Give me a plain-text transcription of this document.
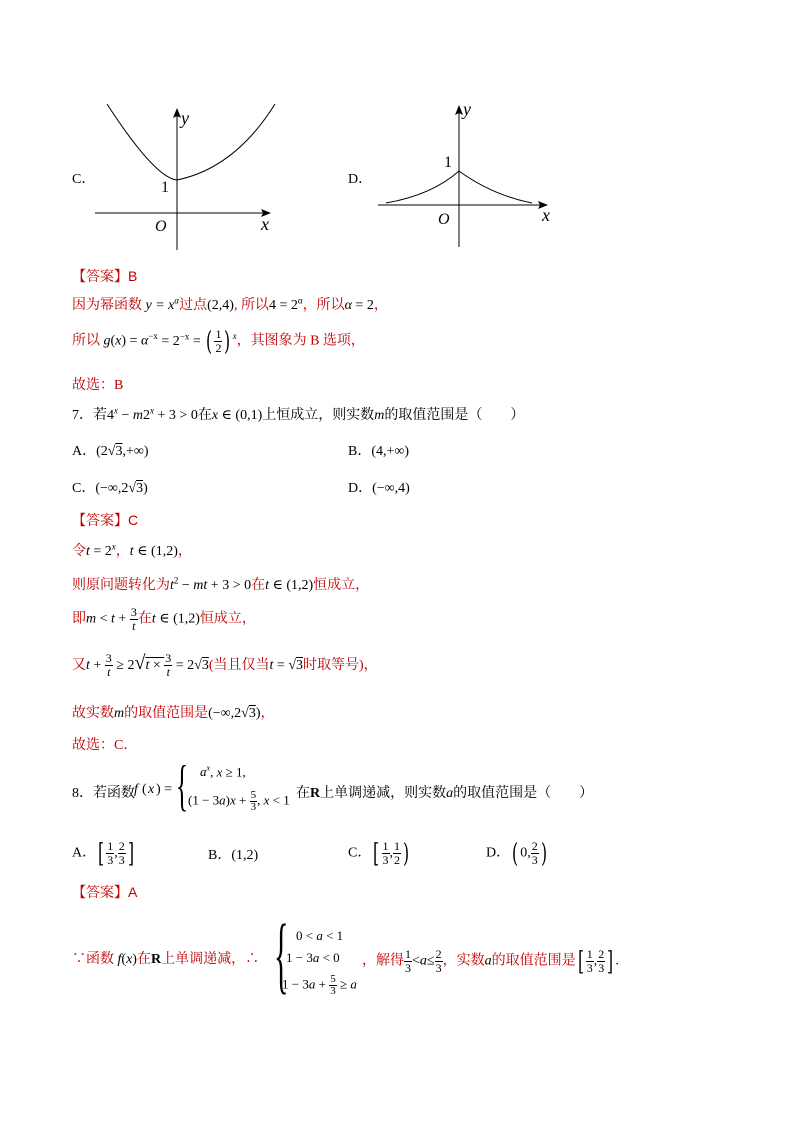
C．
y
x
O
1	D．
y
x
O
1
【答案】B
因为幂函数 $y = x^\alpha$过点(2,4), 所以$4 = 2^\alpha$，所以α = 2，
所以 $g(x) = \alpha^{-x} = 2^{-x}$ = ( $\frac{1}{2}$ ) $^x$，其图象为 B 选项，
故选：B
7．若$4^x - m2^x + 3 > 0$在x ∈ (0,1)上恒成立，则实数m的取值范围是（　　）
A．(2√3,+∞)	B．(4,+∞)
C．(−∞,2√3)	D．(−∞,4)
【答案】C
令$t = 2^x$，t ∈ (1,2)，
则原问题转化为$t^2$ − mt + 3 > 0在t ∈ (1,2)恒成立，
即$m < t + \frac{3}{t}$ 在t ∈ (1,2)恒成立，
又$t + \frac{3}{t} \ge 2√t \times \frac{3}{t} = 2√3$(当且仅当t = √3时取等号)，
故实数m的取值范围是(−∞,2√3)，
故选：C．
8．若函数 f ( x ) = { $a^x$, x ≥ 1,
$(1 - 3a)x + \frac{5}{3}$ , x < 1 在R上单调递减，则实数a的取值范围是（　　）
A．[ $\frac{1}{3}$ , $\frac{2}{3}$ ]	B．(1,2)	C．[ $\frac{1}{3}$ , $\frac{1}{2}$ )	D．( 0, $\frac{2}{3}$ )
【答案】A
∵函数 f(x)在R上单调递减，∴ { 0 < a < 1
1 − 3a < 0
$1 - 3a + \frac{5}{3} \ge a$
，解得 $\frac{1}{3} <a\le \frac{2}{3}$ ，实数a的取值范围是[ $\frac{1}{3}$ , $\frac{2}{3}$ ] .
